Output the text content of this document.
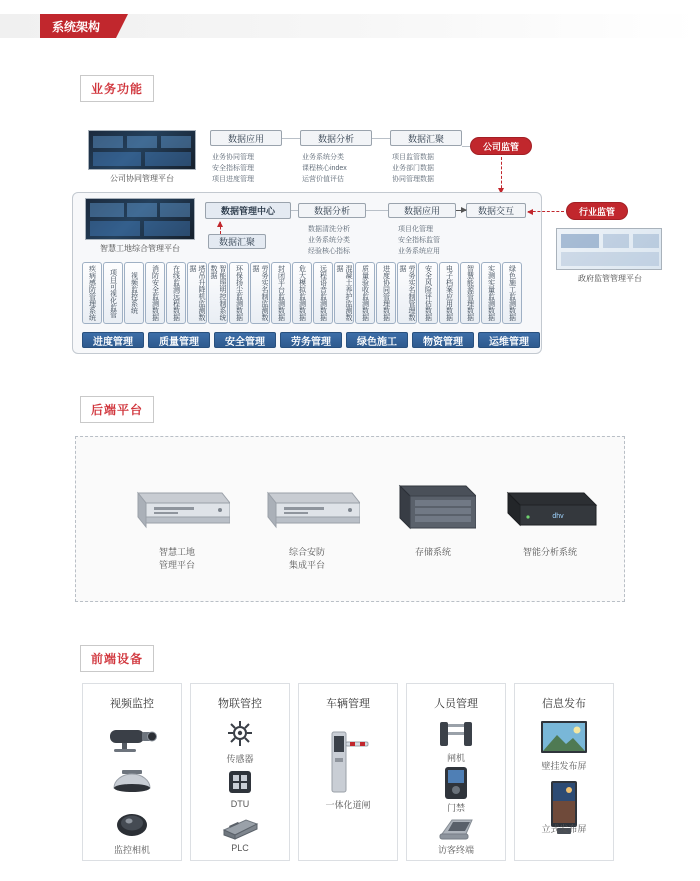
系统架构
业务功能
公司协同管理平台
数据应用	数据分析	数据汇聚
业务协同管理
安全指标管理
项目进度管理
业务系统分类
课程核心index
运营价值评估
项目监管数据
业务部门数据
协同管理数据
公司监管
智慧工地综合管理平台
数据管理中心	数据分析	数据应用	数据交互
数据汇聚
数据清洗分析
业务系统分类
经验核心指标
项目化管理
安全指标监管
业务系统应用
行业监管
政府监管管理平台
疾病感防管理系统	项目可视化监管	视频监控系统	消防安全监测数据	在线监测远程数据	塔吊升降机监测数据	智能照明控制系统数据	环保扬尘监测数据	劳务实名制监测数据	封闭平台监测数据	危大模拟监测数据	远程语音监测数据	混凝土养护监测数据	质量验收监测数据	进度协同管理数据	劳务实名制管理数据	安全风险评估数据	电子档案应用数据	智慧能源管理数据	实测实量监测数据	绿色施工监测数据
进度管理	质量管理	安全管理	劳务管理	绿色施工	物资管理	运维管理
后端平台
智慧工地
管理平台
综合安防
集成平台
存储系统
dhv
智能分析系统
前端设备
视频监控
监控相机
物联管控
传感器
DTU
PLC
车辆管理
一体化道闸
人员管理
闸机
门禁
访客终端
信息发布
壁挂发布屏
立式发布屏
